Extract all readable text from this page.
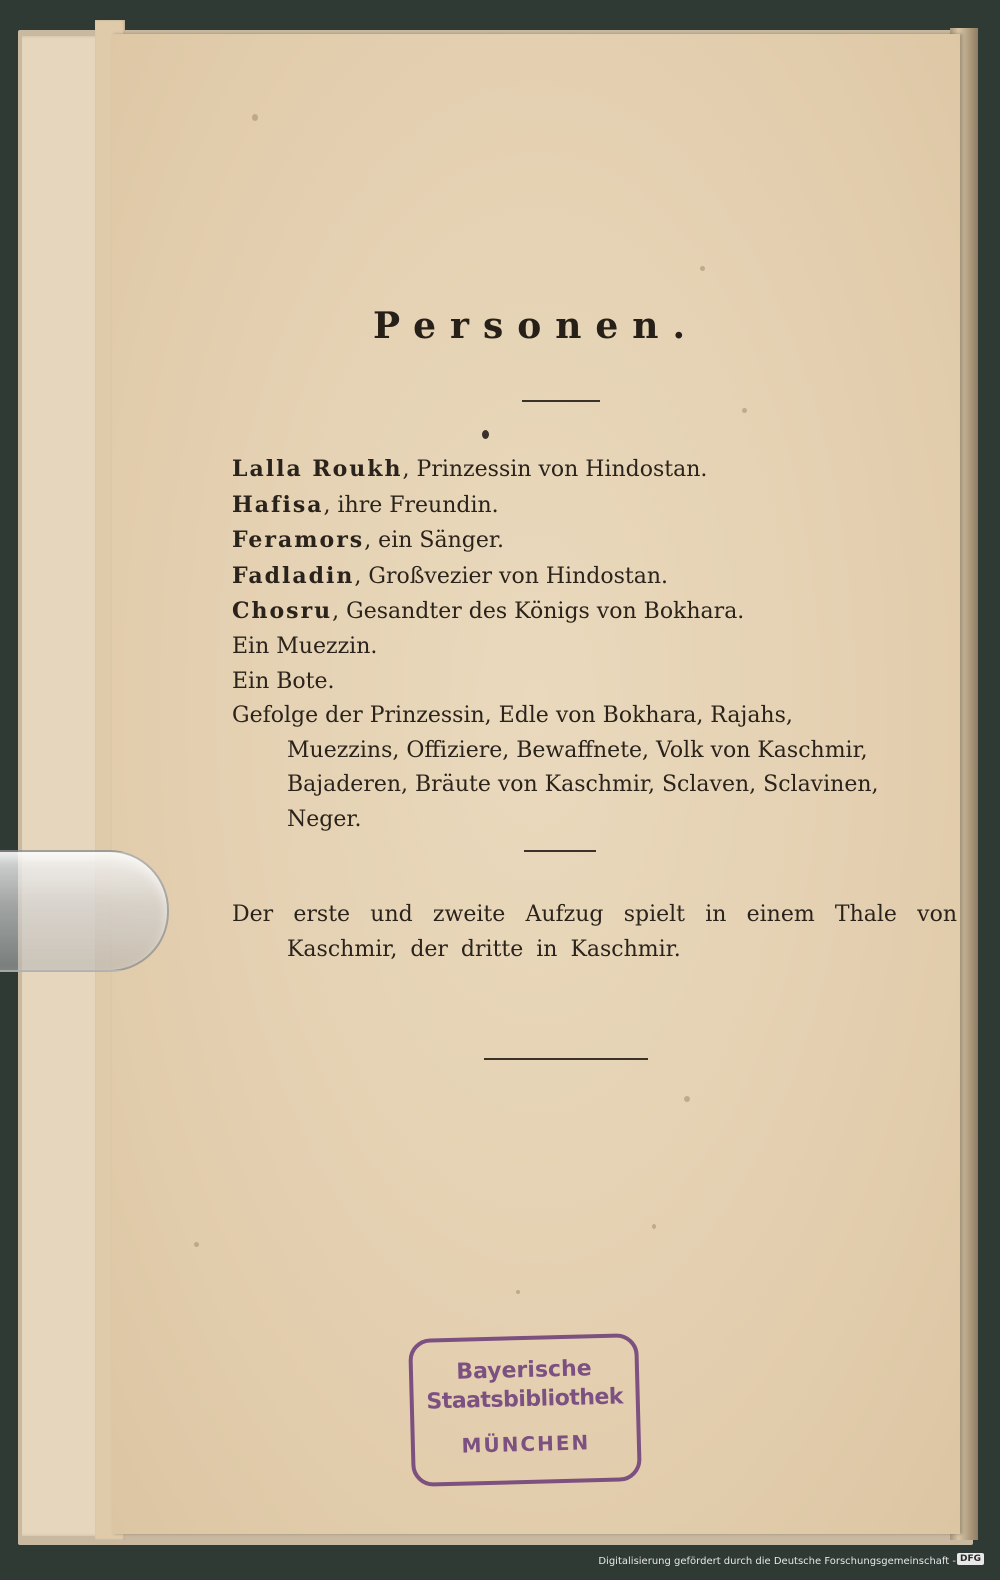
Personen.
Lalla Roukh, Prinzessin von Hindostan.
Hafisa, ihre Freundin.
Feramors, ein Sänger.
Fadladin, Großvezier von Hindostan.
Chosru, Gesandter des Königs von Bokhara.
Ein Muezzin.
Ein Bote.
Gefolge der Prinzessin, Edle von Bokhara, Rajahs, Muezzins, Offiziere, Bewaffnete, Volk von Kaschmir, Bajaderen, Bräute von Kaschmir, Sclaven, Sclavinen, Neger.

Der erste und zweite Aufzug spielt in einem Thale von Kaschmir, der dritte in Kaschmir.

Bayerische
Staatsbibliothek
MÜNCHEN
Digitalisierung gefördert durch die Deutsche Forschungsgemeinschaft - DFG
